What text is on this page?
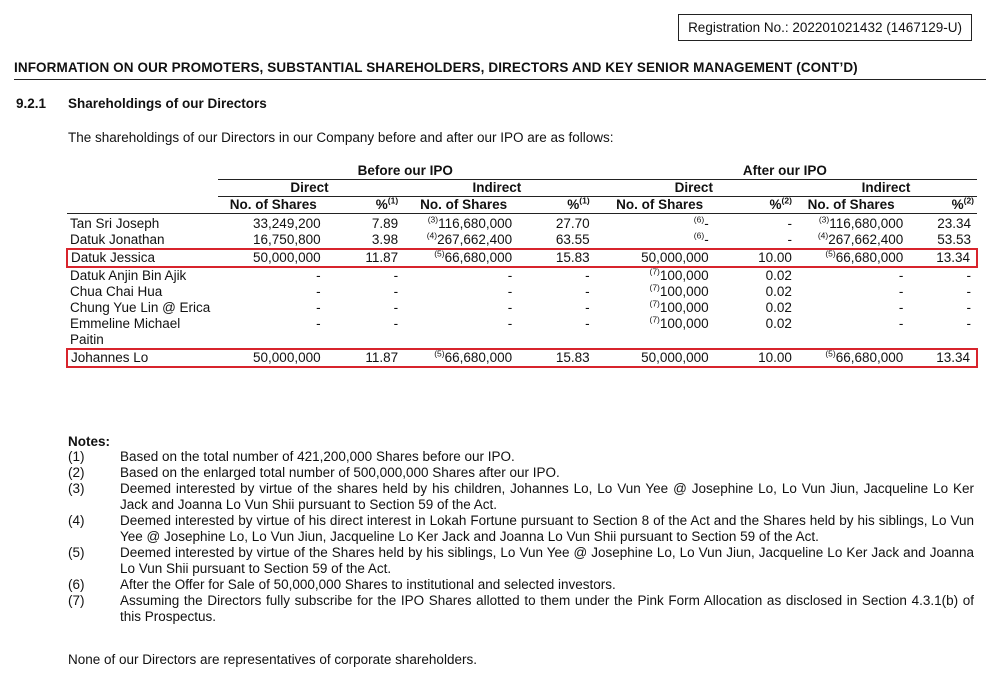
Registration No.: 202201021432 (1467129-U)
INFORMATION ON OUR PROMOTERS, SUBSTANTIAL SHAREHOLDERS, DIRECTORS AND KEY SENIOR MANAGEMENT (CONT’D)
9.2.1 Shareholdings of our Directors
The shareholdings of our Directors in our Company before and after our IPO are as follows:
	Before our IPO				After our IPO			
	Direct		Indirect		Direct		Indirect	
	No. of Shares	%$^{(1)}$	No. of Shares	%$^{(1)}$	No. of Shares	%$^{(2)}$	No. of Shares	%$^{(2)}$

Tan Sri Joseph	33,249,200	7.89	$^{(3)}$116,680,000	27.70	$^{(6)}$-	-	$^{(3)}$116,680,000	23.34
Datuk Jonathan	16,750,800	3.98	$^{(4)}$267,662,400	63.55	$^{(6)}$-	-	$^{(4)}$267,662,400	53.53
Datuk Jessica	50,000,000	11.87	$^{(5)}$66,680,000	15.83	50,000,000	10.00	$^{(5)}$66,680,000	13.34
Datuk Anjin Bin Ajik	-	-	-	-	$^{(7)}$100,000	0.02	-	-
Chua Chai Hua	-	-	-	-	$^{(7)}$100,000	0.02	-	-
Chung Yue Lin @ Erica	-	-	-	-	$^{(7)}$100,000	0.02	-	-
Emmeline Michael Paitin	-	-	-	-	$^{(7)}$100,000	0.02	-	-
Johannes Lo	50,000,000	11.87	$^{(5)}$66,680,000	15.83	50,000,000	10.00	$^{(5)}$66,680,000	13.34
Notes:
(1)	Based on the total number of 421,200,000 Shares before our IPO.
(2)	Based on the enlarged total number of 500,000,000 Shares after our IPO.
(3)	Deemed interested by virtue of the shares held by his children, Johannes Lo, Lo Vun Yee @ Josephine Lo, Lo Vun Jiun, Jacqueline Lo Ker Jack and Joanna Lo Vun Shii pursuant to Section 59 of the Act.
(4)	Deemed interested by virtue of his direct interest in Lokah Fortune pursuant to Section 8 of the Act and the Shares held by his siblings, Lo Vun Yee @ Josephine Lo, Lo Vun Jiun, Jacqueline Lo Ker Jack and Joanna Lo Vun Shii pursuant to Section 59 of the Act.
(5)	Deemed interested by virtue of the Shares held by his siblings, Lo Vun Yee @ Josephine Lo, Lo Vun Jiun, Jacqueline Lo Ker Jack and Joanna Lo Vun Shii pursuant to Section 59 of the Act.
(6)	After the Offer for Sale of 50,000,000 Shares to institutional and selected investors.
(7)	Assuming the Directors fully subscribe for the IPO Shares allotted to them under the Pink Form Allocation as disclosed in Section 4.3.1(b) of this Prospectus.
None of our Directors are representatives of corporate shareholders.
